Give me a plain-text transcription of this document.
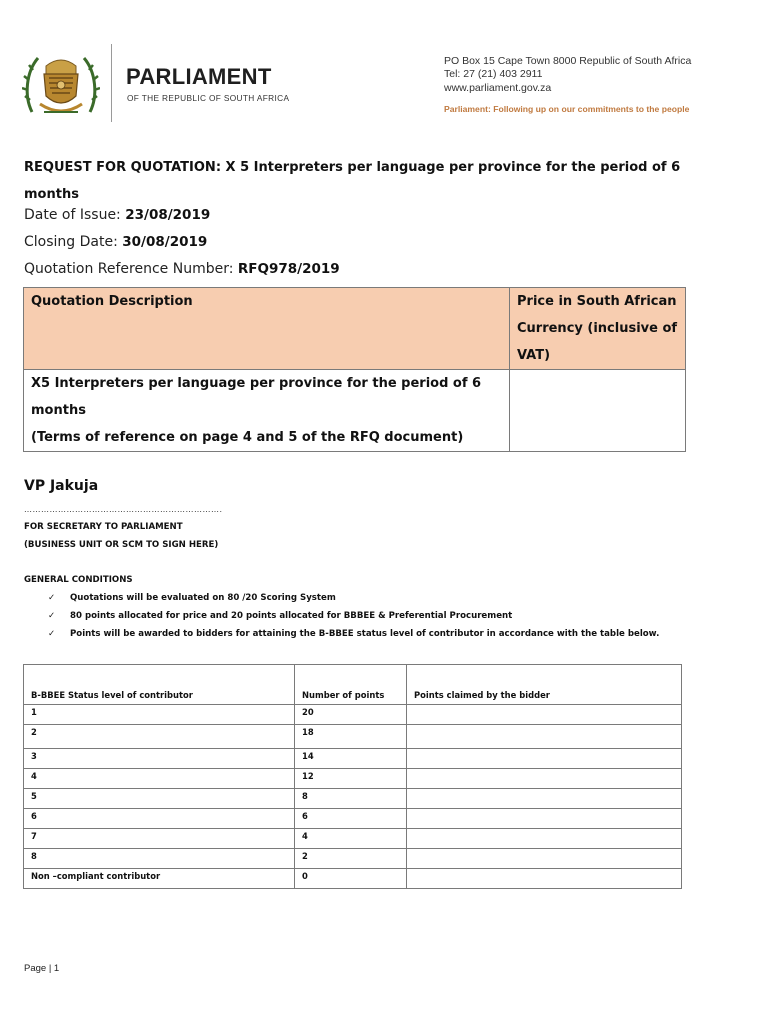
PARLIAMENT
OF THE REPUBLIC OF SOUTH AFRICA
PO Box 15 Cape Town 8000 Republic of South Africa
Tel: 27 (21) 403 2911
www.parliament.gov.za
Parliament: Following up on our commitments to the people
REQUEST FOR QUOTATION: X 5 Interpreters per language per province for the period of 6 months
Date of Issue: 23/08/2019
Closing Date: 30/08/2019
Quotation Reference Number: RFQ978/2019
Quotation Description	Price in South African Currency (inclusive of VAT)

X5 Interpreters per language per province for the period of 6 months
(Terms of reference on page 4 and 5 of the RFQ document)	

VP Jakuja
…………………………………………………………….
FOR SECRETARY TO PARLIAMENT
(BUSINESS UNIT OR SCM TO SIGN HERE)
GENERAL CONDITIONS
✓ Quotations will be evaluated on 80 /20 Scoring System
✓ 80 points allocated for price and 20 points allocated for BBBEE & Preferential Procurement
✓ Points will be awarded to bidders for attaining the B-BBEE status level of contributor in accordance with the table below.
B-BBEE Status level of contributor	Number of points	Points claimed by the bidder
1	20	
2	18	
3	14	
4	12	
5	8	
6	6	
7	4	
8	2	
Non –compliant contributor	0	
Page | 1
